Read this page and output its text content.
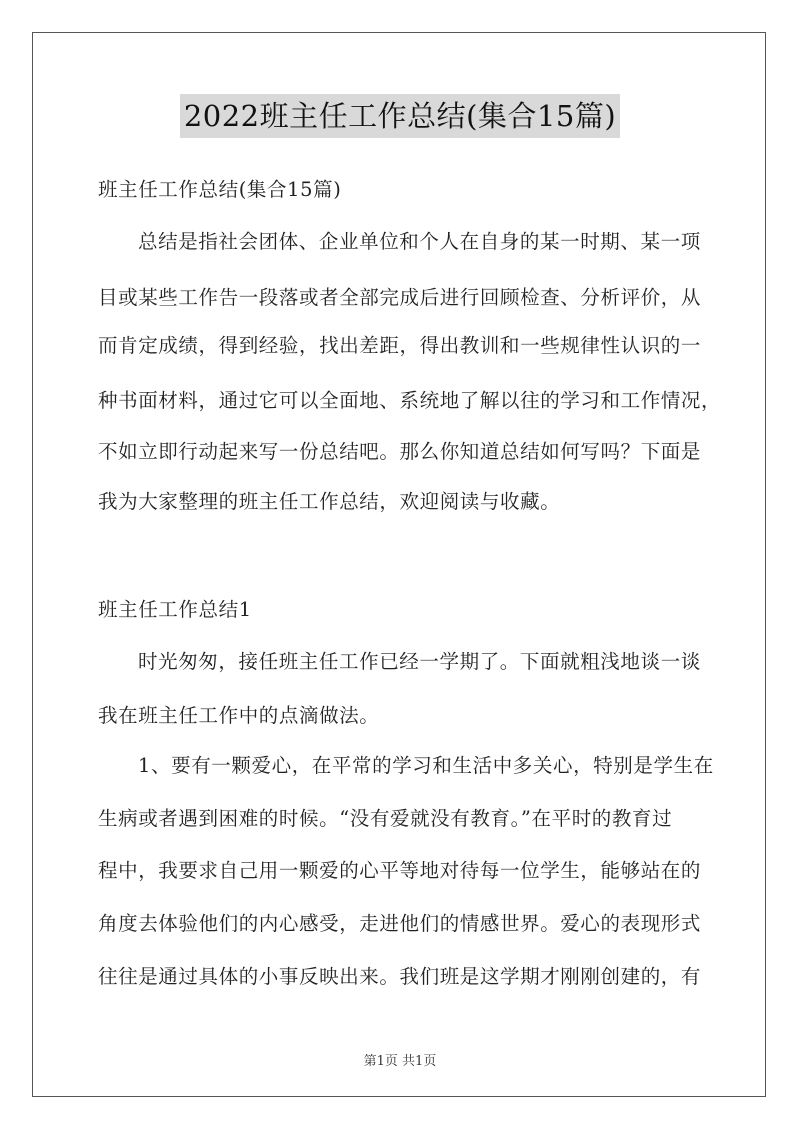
2022班主任工作总结(集合15篇)
班主任工作总结(集合15篇)
总结是指社会团体、企业单位和个人在自身的某一时期、某一项
目或某些工作告一段落或者全部完成后进行回顾检查、分析评价，从
而肯定成绩，得到经验，找出差距，得出教训和一些规律性认识的一
种书面材料，通过它可以全面地、系统地了解以往的学习和工作情况，
不如立即行动起来写一份总结吧。那么你知道总结如何写吗？下面是
我为大家整理的班主任工作总结，欢迎阅读与收藏。
班主任工作总结1
时光匆匆，接任班主任工作已经一学期了。下面就粗浅地谈一谈
我在班主任工作中的点滴做法。
1、要有一颗爱心，在平常的学习和生活中多关心，特别是学生在
生病或者遇到困难的时候。“没有爱就没有教育。”在平时的教育过
程中，我要求自己用一颗爱的心平等地对待每一位学生，能够站在的
角度去体验他们的内心感受，走进他们的情感世界。爱心的表现形式
往往是通过具体的小事反映出来。我们班是这学期才刚刚创建的，有
第1页 共1页
